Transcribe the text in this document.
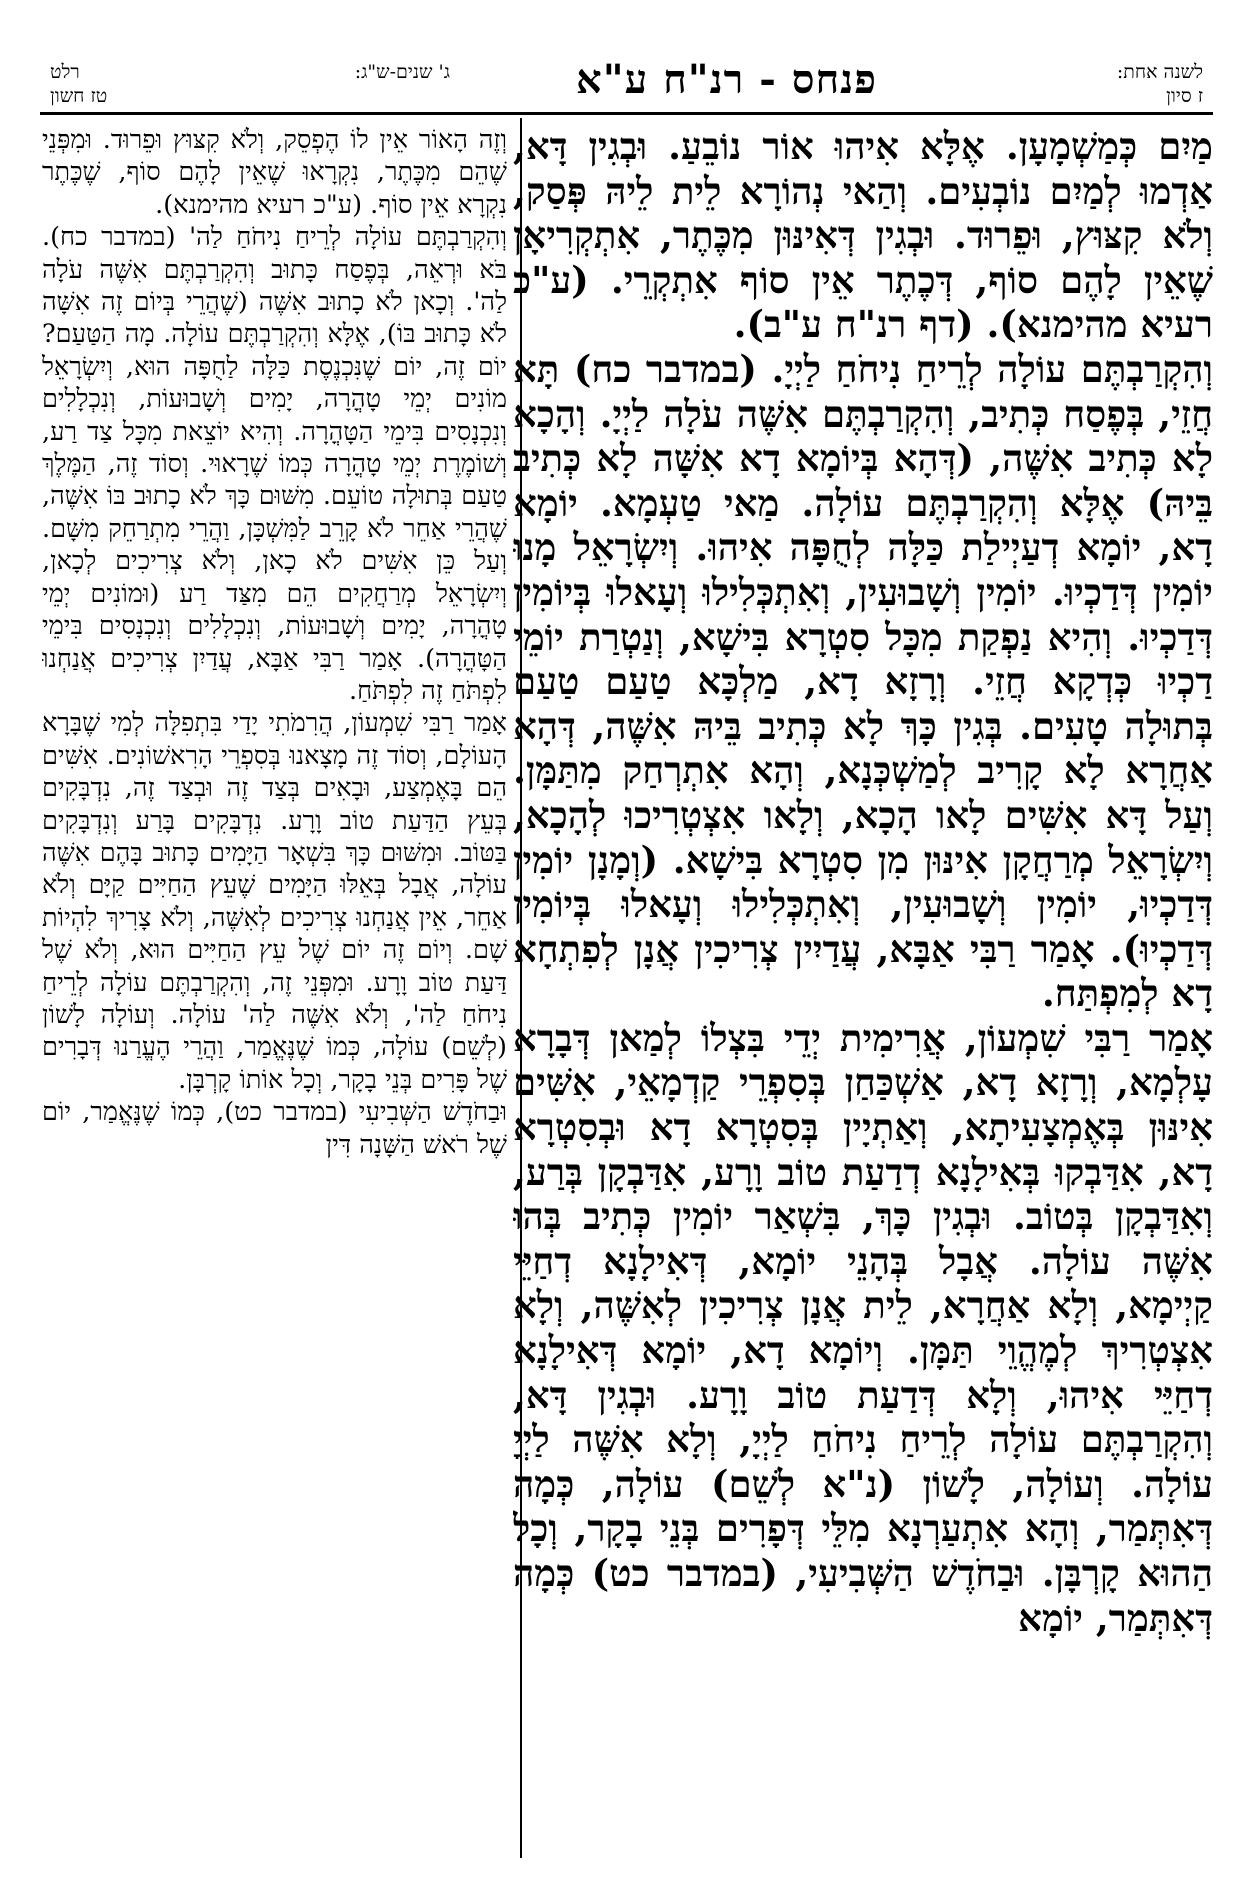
לשנה אחת:
ז סיון
פנחס - רנ"ח ע"א
רלט	ג' שנים-ש"ג:
טז חשון

מַיִם כְּמַשְׁמָעָן. אֶלָּא אִיהוּ אוֹר נוֹבֵעַ. וּבְגִין דָּא, אַדְמוּ לְמַיִם נוֹבְעִים. וְהַאי נְהוֹרָא לֵית לֵיהּ פְּסַק, וְלֹא קִצּוּץ, וּפֵרוּד. וּבְגִין דְּאִינּוּן מִכֶּתֶר, אִתְקְרִיאָן שֶׁאֵין לָהֶם סוֹף, דְּכֶתֶר אֵין סוֹף אִתְקְרֵי. (ע"כ רעיא מהימנא). (דף רנ"ח ע"ב).

וְהִקְרַבְתֶּם עוֹלָה לְרֵיחַ נִיחֹחַ לַיְיָ. (במדבר כח) תָּא חֲזֵי, בְּפֶסַח כְּתִיב, וְהִקְרַבְתֶּם אִשֶּׁה עֹלָה לַיְיָ. וְהָכָא לָא כְּתִיב אִשֶּׁה, (דְּהָא בְּיוֹמָא דָא אִשָּׁה לָא כְּתִיב בֵּיהּ) אֶלָּא וְהִקְרַבְתֶּם עוֹלָה. מַאי טַעְמָא. יוֹמָא דָא, יוֹמָא דְעַיְילַת כַּלָּה לְחֻפָּה אִיהוּ. וְיִשְׂרָאֵל מָנוּ יוֹמִין דְּדַכְיוּ. יוֹמִין וְשָׁבוּעִין, וְאִתְכְּלִילוּ וְעָאלוּ בְּיוֹמִין דְּדַכְיוּ. וְהִיא נַפְקַת מִכָּל סִטְרָא בִּישָׁא, וְנַטְרַת יוֹמֵי דַכְיוּ כְּדְקָא חֲזֵי. וְרָזָא דָא, מַלְכָּא טַעַם טַעַם בְּתוּלָה טָעִים. בְּגִין כָּךְ לָא כְּתִיב בֵּיהּ אִשֶּׁה, דְּהָא אַחֲרָא לָא קָרִיב לְמַשְׁכְּנָא, וְהָא אִתְרְחַק מִתַּמָּן. וְעַל דָּא אִשִּׁים לָאו הָכָא, וְלָאו אִצְטְרִיכוּ לְהָכָא, וְיִשְׂרָאֵל מְרַחֲקָן אִינּוּן מִן סִטְרָא בִּישָׁא. (וְמָנָן יוֹמִין דְּדַכְיוּ, יוֹמִין וְשָׁבוּעִין, וְאִתְכְּלִילוּ וְעָאלוּ בְּיוֹמִין דְּדַכְיוּ). אָמַר רַבִּי אַבָּא, עֲדַיִין צְרִיכִין אֲנָן לְפִתְחָא דָא לְמִפְתַּח.

אָמַר רַבִּי שִׁמְעוֹן, אֲרִימִית יְדֵי בִּצְלוֹ לְמַאן דְּבָרָא עָלְמָא, וְרָזָא דָא, אַשְׁכַּחַן בְּסִפְרֵי קַדְמָאֵי, אִשִּׁים אִינּוּן בְּאֶמְצָעִיתָא, וְאַתְיָין בְּסִטְרָא דָא וּבְסִטְרָא דָא, אִדַּבְקוּ בְּאִילָנָא דְדַעַת טוֹב וָרָע, אִדַּבְקָן בְּרַע, וְאִדַּבְקָן בְּטוֹב. וּבְגִין כָּךְ, בִּשְׁאַר יוֹמִין כְּתִיב בְּהוּ אִשֶּׁה עוֹלָה. אֲבָל בְּהָנֵי יוֹמָא, דְּאִילָנָא דְחַיֵּי קַיְימָא, וְלָא אַחֲרָא, לֵית אֲנָן צְרִיכִין לְאִשֶּׁה, וְלָא אִצְטְרִיךְ לְמֶהֱוֵי תַּמָּן. וְיוֹמָא דָא, יוֹמָא דְּאִילָנָא דְחַיֵּי אִיהוּ, וְלָא דְּדַעַת טוֹב וָרָע. וּבְגִין דָּא, וְהִקְרַבְתֶּם עוֹלָה לְרֵיחַ נִיחֹחַ לַיְיָ, וְלָא אִשֶּׁה לַיְיָ עוֹלָה. וְעוֹלָה, לָשׁוֹן (נ"א לְשֵׁם) עוֹלָה, כְּמָה דְּאִתְּמַר, וְהָא אִתְעַרְנָא מִלֵּי דְּפָרִים בְּנֵי בָקָר, וְכָל הַהוּא קָרְבָּן. וּבַחֹדֶשׁ הַשְּׁבִיעִי, (במדבר כט) כְּמָה דְּאִתְּמַר, יוֹמָא

וְזֶה הָאוֹר אֵין לוֹ הֶפְסֵק, וְלֹא קִצּוּץ וּפֵרוּד. וּמִפְּנֵי שֶׁהֵם מִכֶּתֶר, נִקְרָאוּ שֶׁאֵין לָהֶם סוֹף, שֶׁכֶּתֶר נִקְרָא אֵין סוֹף. (ע"כ רעיא מהימנא).

וְהִקְרַבְתֶּם עוֹלָה לְרֵיחַ נִיחֹחַ לַה' (במדבר כח). בֹּא וּרְאֵה, בְּפֶסַח כָּתוּב וְהִקְרַבְתֶּם אִשֶּׁה עֹלָה לַה'. וְכָאן לֹא כָתוּב אִשֶּׁה (שֶׁהֲרֵי בְּיוֹם זֶה אִשָּׁה לֹא כָּתוּב בּוֹ), אֶלָּא וְהִקְרַבְתֶּם עוֹלָה. מָה הַטַּעַם? יוֹם זֶה, יוֹם שֶׁנִּכְנֶסֶת כַּלָּה לַחֻפָּה הוּא, וְיִשְׂרָאֵל מוֹנִים יְמֵי טָהֳרָה, יָמִים וְשָׁבוּעוֹת, וְנִכְלָלִים וְנִכְנָסִים בִּימֵי הַטָּהֳרָה. וְהִיא יוֹצֵאת מִכָּל צַד רַע, וְשׁוֹמֶרֶת יְמֵי טָהֳרָה כְּמוֹ שֶׁרָאוּי. וְסוֹד זֶה, הַמֶּלֶךְ טַעַם בְּתוּלָה טוֹעֵם. מִשּׁוּם כָּךְ לֹא כָתוּב בּוֹ אִשֶּׁה, שֶׁהֲרֵי אַחֵר לֹא קָרֵב לַמִּשְׁכָּן, וַהֲרֵי מִתְרַחֵק מִשָּׁם. וְעַל כֵּן אִשִּׁים לֹא כָאן, וְלֹא צְרִיכִים לְכָאן, וְיִשְׂרָאֵל מְרַחֲקִים הֵם מִצַּד רַע (וּמוֹנִים יְמֵי טָהֳרָה, יָמִים וְשָׁבוּעוֹת, וְנִכְלָלִים וְנִכְנָסִים בִּימֵי הַטָּהֳרָה). אָמַר רַבִּי אַבָּא, עֲדַיִן צְרִיכִים אֲנַחְנוּ לִפְתֹּחַ זֶה לִפְתֹּחַ.

אָמַר רַבִּי שִׁמְעוֹן, הֲרִמֹתִי יָדַי בִּתְפִלָּה לְמִי שֶׁבָּרָא הָעוֹלָם, וְסוֹד זֶה מָצָאנוּ בְּסִפְרֵי הָרִאשׁוֹנִים. אִשִּׁים הֵם בָּאֶמְצַע, וּבָאִים בְּצַד זֶה וּבְצַד זֶה, נִדְבָּקִים בְּעֵץ הַדַּעַת טוֹב וָרָע. נִדְבָּקִים בָּרַע וְנִדְבָּקִים בַּטּוֹב. וּמִשּׁוּם כָּךְ בִּשְׁאָר הַיָּמִים כָּתוּב בָּהֶם אִשֶּׁה עוֹלָה, אֲבָל בְּאֵלּוּ הַיָּמִים שֶׁעֵץ הַחַיִּים קַיָּם וְלֹא אַחֵר, אֵין אֲנַחְנוּ צְרִיכִים לְאִשֶּׁה, וְלֹא צָרִיךְ לִהְיוֹת שָׁם. וְיוֹם זֶה יוֹם שֶׁל עֵץ הַחַיִּים הוּא, וְלֹא שֶׁל דַּעַת טוֹב וָרָע. וּמִפְּנֵי זֶה, וְהִקְרַבְתֶּם עוֹלָה לְרֵיחַ נִיחֹחַ לַה', וְלֹא אִשֶּׁה לַה' עוֹלָה. וְעוֹלָה לָשׁוֹן (לְשֵׁם) עוֹלָה, כְּמוֹ שֶׁנֶּאֱמַר, וַהֲרֵי הֶעֱרַנוּ דְּבָרִים שֶׁל פָּרִים בְּנֵי בָקָר, וְכָל אוֹתוֹ קָרְבָּן.

וּבַחֹדֶשׁ הַשְּׁבִיעִי (במדבר כט), כְּמוֹ שֶׁנֶּאֱמַר, יוֹם שֶׁל רֹאשׁ הַשָּׁנָה דִּין
